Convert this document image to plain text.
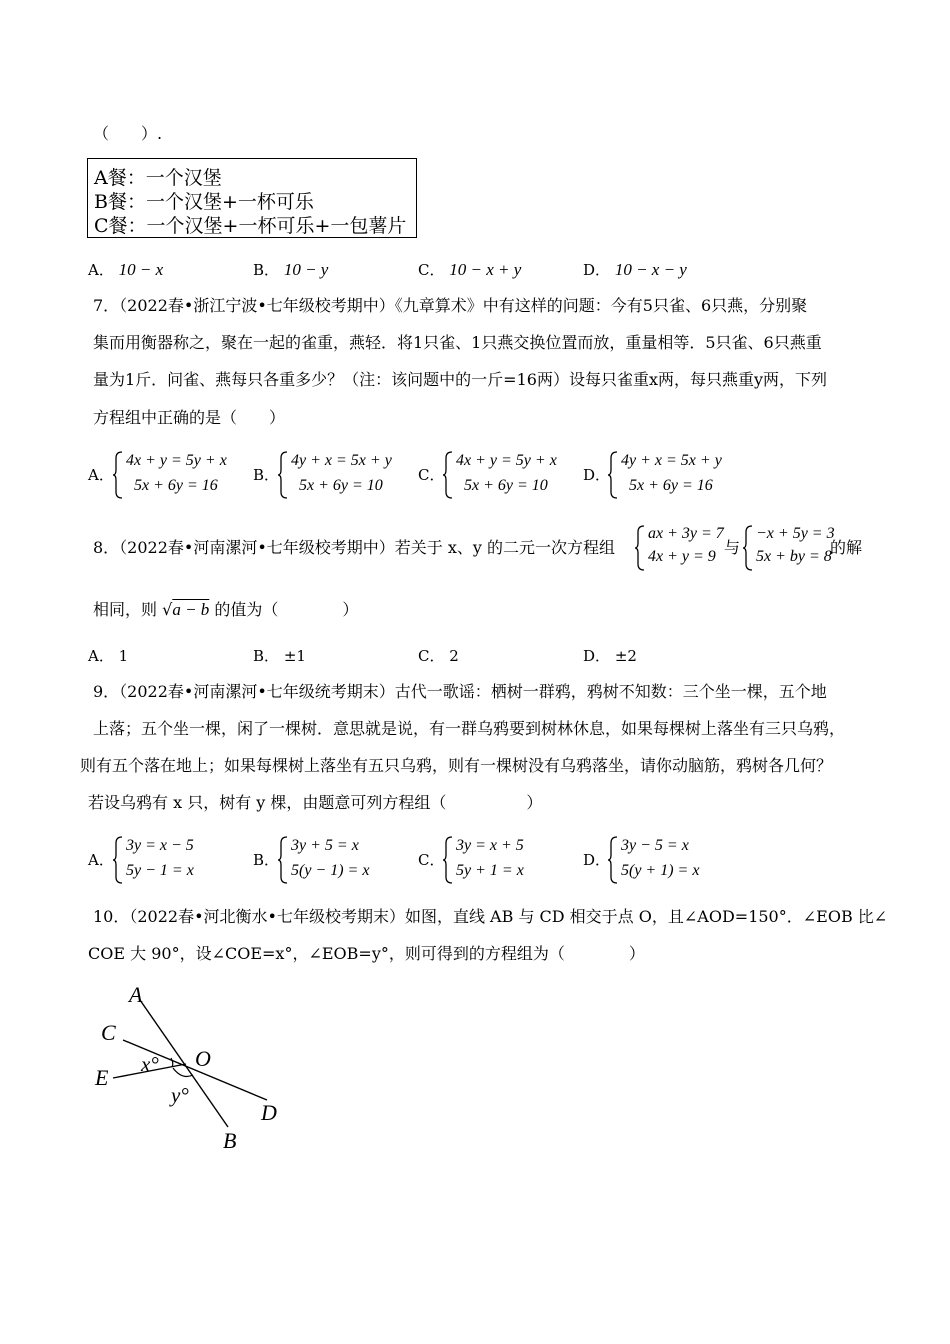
（　　）.
A餐：一个汉堡
B餐：一个汉堡+一杯可乐
C餐：一个汉堡+一杯可乐+一包薯片
A． 10 − x	B． 10 − y	C． 10 − x + y	D． 10 − x − y
7．（2022春•浙江宁波•七年级校考期中）《九章算术》中有这样的问题：今有5只雀、6只燕，分别聚
集而用衡器称之，聚在一起的雀重，燕轻．将1只雀、1只燕交换位置而放，重量相等．5只雀、6只燕重
量为1斤．问雀、燕每只各重多少？（注：该问题中的一斤=16两）设每只雀重x两，每只燕重y两，下列
方程组中正确的是（　　）
A．
4x + y = 5y + x
5x + 6y = 16
B．
4y + x = 5x + y
5x + 6y = 10
C．
4x + y = 5y + x
5x + 6y = 10
D．
4y + x = 5x + y
5x + 6y = 16
8．（2022春•河南漯河•七年级校考期中）若关于 x、y 的二元一次方程组
ax + 3y = 7
4x + y = 9 与
−x + 5y = 3
5x + by = 8
的解
相同，则 √a − b 的值为（　　　　）
A． 1	B． ±1	C． 2	D． ±2
9．（2022春•河南漯河•七年级统考期末）古代一歌谣：栖树一群鸦，鸦树不知数：三个坐一棵，五个地
上落；五个坐一棵，闲了一棵树．意思就是说，有一群乌鸦要到树林休息，如果每棵树上落坐有三只乌鸦，
则有五个落在地上；如果每棵树上落坐有五只乌鸦，则有一棵树没有乌鸦落坐，请你动脑筋，鸦树各几何？
若设乌鸦有 x 只，树有 y 棵，由题意可列方程组（　　　　　）
A．
3y = x − 5
5y − 1 = x
B．
3y + 5 = x
5(y − 1) = x
C．
3y = x + 5
5y + 1 = x
D．
3y − 5 = x
5(y + 1) = x
10．（2022春•河北衡水•七年级校考期末）如图，直线 AB 与 CD 相交于点 O，且∠AOD=150°．∠EOB 比∠
COE 大 90°，设∠COE=x°，∠EOB=y°，则可得到的方程组为（　　　　）
A
C
E
O
x°
y°
D
B
